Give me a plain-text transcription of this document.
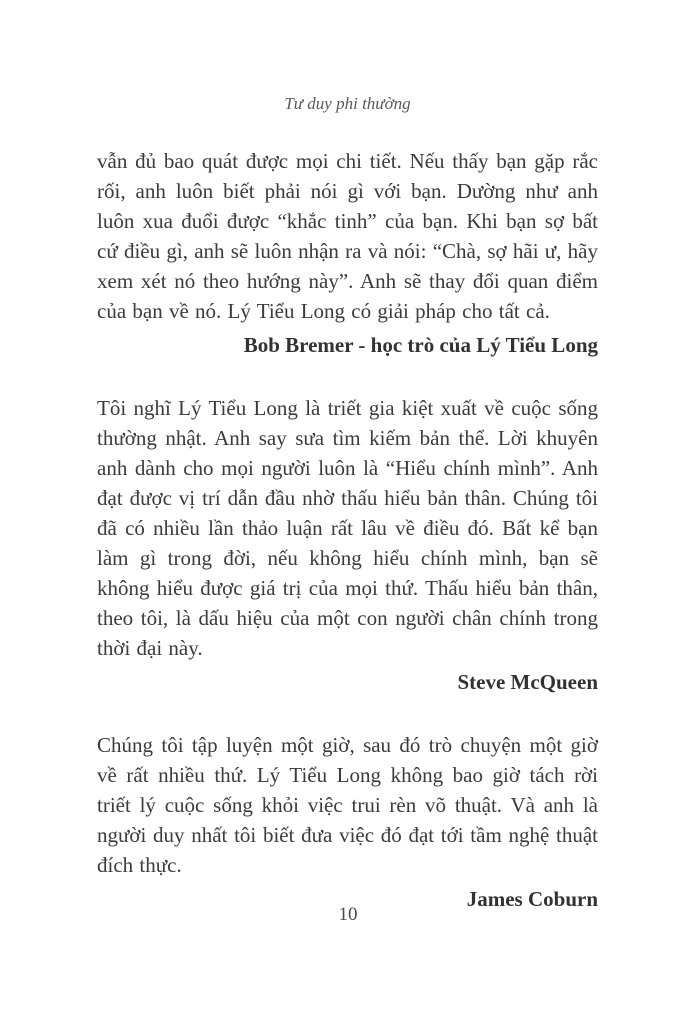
Tư duy phi thường

vẫn đủ bao quát được mọi chi tiết. Nếu thấy bạn gặp rắc rối, anh luôn biết phải nói gì với bạn. Dường như anh luôn xua đuổi được “khắc tinh” của bạn. Khi bạn sợ bất cứ điều gì, anh sẽ luôn nhận ra và nói: “Chà, sợ hãi ư, hãy xem xét nó theo hướng này”. Anh sẽ thay đổi quan điểm của bạn về nó. Lý Tiểu Long có giải pháp cho tất cả.

Bob Bremer - học trò của Lý Tiểu Long

Tôi nghĩ Lý Tiểu Long là triết gia kiệt xuất về cuộc sống thường nhật. Anh say sưa tìm kiếm bản thể. Lời khuyên anh dành cho mọi người luôn là “Hiểu chính mình”. Anh đạt được vị trí dẫn đầu nhờ thấu hiểu bản thân. Chúng tôi đã có nhiều lần thảo luận rất lâu về điều đó. Bất kể bạn làm gì trong đời, nếu không hiểu chính mình, bạn sẽ không hiểu được giá trị của mọi thứ. Thấu hiểu bản thân, theo tôi, là dấu hiệu của một con người chân chính trong thời đại này.

Steve McQueen

Chúng tôi tập luyện một giờ, sau đó trò chuyện một giờ về rất nhiều thứ. Lý Tiểu Long không bao giờ tách rời triết lý cuộc sống khỏi việc trui rèn võ thuật. Và anh là người duy nhất tôi biết đưa việc đó đạt tới tầm nghệ thuật đích thực.

James Coburn

10
